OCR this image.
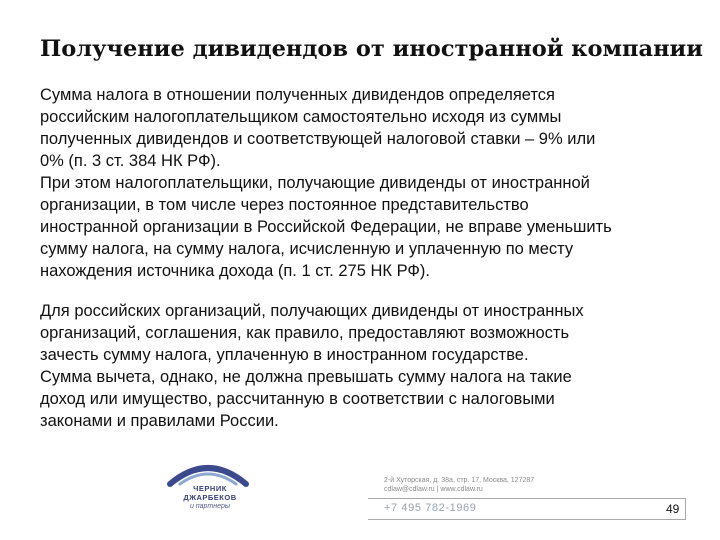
Получение дивидендов от иностранной компании

Сумма налога в отношении полученных дивидендов определяется

российским налогоплательщиком самостоятельно исходя из суммы

полученных дивидендов и соответствующей налоговой ставки – 9% или

0% (п. 3 ст. 384 НК РФ).

При этом налогоплательщики, получающие дивиденды от иностранной

организации, в том числе через постоянное представительство

иностранной организации в Российской Федерации, не вправе уменьшить

сумму налога, на сумму налога, исчисленную и уплаченную по месту

нахождения источника дохода (п. 1 ст. 275 НК РФ).

Для российских организаций, получающих дивиденды от иностранных

организаций, соглашения, как правило, предоставляют возможность

зачесть сумму налога, уплаченную в иностранном государстве.

Сумма вычета, однако, не должна превышать сумму налога на такие

доход или имущество, рассчитанную в соответствии с налоговыми

законами и правилами России.

ЧЕРНИК
ДЖАРБЕКОВ
и партнеры
2-й Хуторская, д. 38а, стр. 17, Москва, 127287
cdlaw@cdlaw.ru | www.cdlaw.ru
+7 495 782-1969	49
